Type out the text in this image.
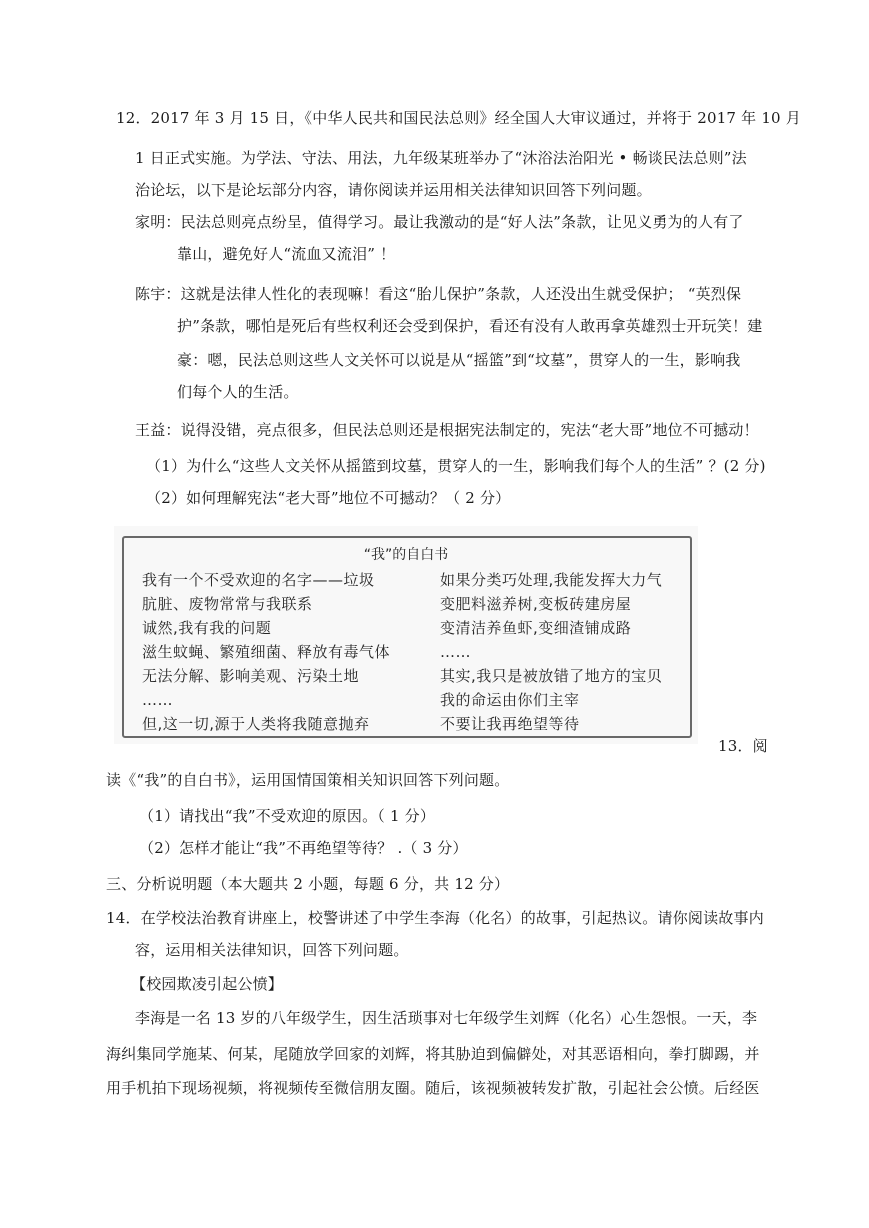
12．2017 年 3 月 15 日，《中华人民共和国民法总则》经全国人大审议通过，并将于 2017 年 10 月
1 日正式实施。为学法、守法、用法，九年级某班举办了“沐浴法治阳光 • 畅谈民法总则”法
治论坛，以下是论坛部分内容，请你阅读并运用相关法律知识回答下列问题。
家明：民法总则亮点纷呈，值得学习。最让我激动的是“好人法”条款，让见义勇为的人有了
靠山，避免好人“流血又流泪” ！
陈宇：这就是法律人性化的表现嘛！看这“胎儿保护”条款，人还没出生就受保护； “英烈保
护”条款，哪怕是死后有些权利还会受到保护，看还有没有人敢再拿英雄烈士开玩笑！建
豪：嗯，民法总则这些人文关怀可以说是从“摇篮”到“坟墓”，贯穿人的一生，影响我
们每个人的生活。
王益：说得没错，亮点很多，但民法总则还是根据宪法制定的，宪法“老大哥”地位不可撼动！
（1）为什么“这些人文关怀从摇篮到坟墓，贯穿人的一生，影响我们每个人的生活” ？(2 分)
（2）如何理解宪法“老大哥”地位不可撼动？（ 2 分）
“我”的自白书
我有一个不受欢迎的名字——垃圾
肮脏、废物常常与我联系
诚然,我有我的问题
滋生蚊蝇、繁殖细菌、释放有毒气体
无法分解、影响美观、污染土地
……
但,这一切,源于人类将我随意抛弃
如果分类巧处理,我能发挥大力气
变肥料滋养树,变板砖建房屋
变清洁养鱼虾,变细渣铺成路
……
其实,我只是被放错了地方的宝贝
我的命运由你们主宰
不要让我再绝望等待
13．阅
读《“我”的自白书》，运用国情国策相关知识回答下列问题。
（1）请找出“我”不受欢迎的原因。（ 1 分）
（2）怎样才能让“我”不再绝望等待？ .（ 3 分）
三、分析说明题（本大题共 2 小题，每题 6 分，共 12 分）
14．在学校法治教育讲座上，校警讲述了中学生李海（化名）的故事，引起热议。请你阅读故事内
容，运用相关法律知识，回答下列问题。
【校园欺凌引起公愤】
李海是一名 13 岁的八年级学生，因生活琐事对七年级学生刘辉（化名）心生怨恨。一天，李
海纠集同学施某、何某，尾随放学回家的刘辉，将其胁迫到偏僻处，对其恶语相向，拳打脚踢，并
用手机拍下现场视频，将视频传至微信朋友圈。随后，该视频被转发扩散，引起社会公愤。后经医
